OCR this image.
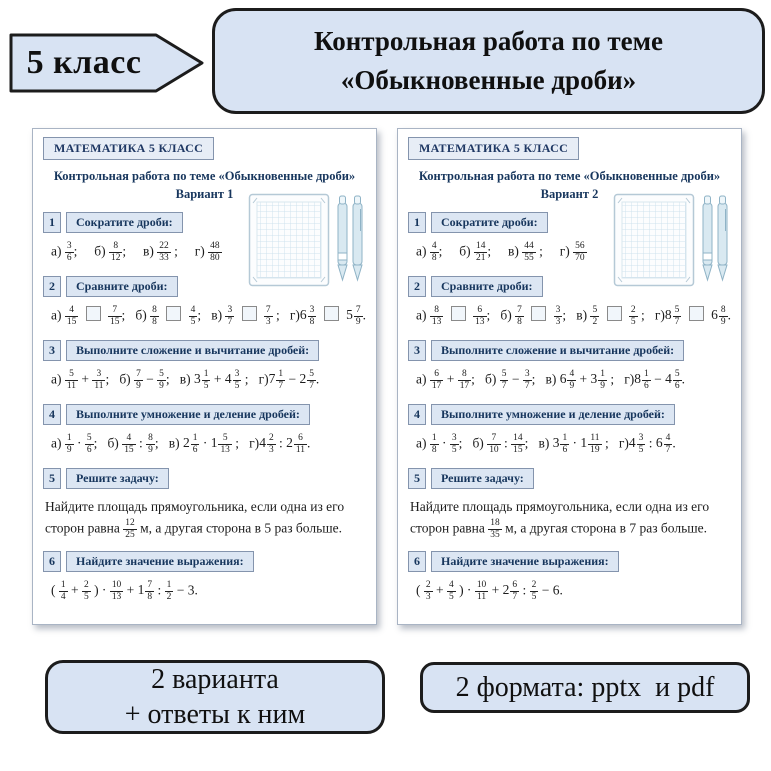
5 класс
Контрольная работа по теме
«Обыкновенные дроби»
МАТЕМАТИКА 5 КЛАСС
Контрольная работа по теме «Обыкновенные дроби»
Вариант 1
1	Сократите дроби:
$а) \frac{3}{6}$ ;     $б) \frac{8}{12}$ ;     $в) \frac{22}{33}$ ;     $г) \frac{48}{80}$
2	Сравните дроби:
$а) \frac{4}{15}$
	$\frac{7}{15}$ ;   $б) \frac{8}{8}$
	$\frac{4}{5}$ ;   $в) \frac{3}{7}$
	$\frac{7}{3}$ ;   $г)6 \frac{3}{8} 5 \frac{7}{9}$ .
3	Выполните сложение и вычитание дробей:
$а) \frac{5}{11} + \frac{3}{11}$ ;   $б) \frac{7}{9} - \frac{5}{9}$ ;   в) $3 \frac{1}{5} + 4 \frac{3}{5}$ ;   $г)7 \frac{1}{7} - 2 \frac{5}{7}$ .
4	Выполните умножение и деление дробей:
$а) \frac{1}{9} \cdot \frac{5}{6}$ ;   $б) \frac{4}{15}$ : $\frac{8}{9}$ ;   в) $2 \frac{1}{6} \cdot 1 \frac{5}{13}$ ;   $г)4 \frac{2}{3}$ : $2 \frac{6}{11}$ .
5	Решите задачу:
Найдите площадь прямоугольника, если одна из его сторон равна $\frac{12}{25} м$, а другая сторона в 5 раз больше.
6	Найдите значение выражения:
( $\frac{1}{4} + \frac{2}{5}$ ) · $\frac{10}{13} + 1 \frac{7}{8}$ : $\frac{1}{2} - 3$.
МАТЕМАТИКА 5 КЛАСС
Контрольная работа по теме «Обыкновенные дроби»
Вариант 2
1	Сократите дроби:
$а) \frac{4}{8}$ ;     $б) \frac{14}{21}$ ;     $в) \frac{44}{55}$ ;     $г) \frac{56}{70}$
2	Сравните дроби:
$а) \frac{8}{13}$
	$\frac{6}{13}$ ;   $б) \frac{7}{8}$
	$\frac{3}{3}$ ;   $в) \frac{5}{2}$
	$\frac{2}{5}$ ;   $г)8 \frac{5}{7} 6 \frac{8}{9}$ .
3	Выполните сложение и вычитание дробей:
$а) \frac{6}{17} + \frac{8}{17}$ ;   $б) \frac{5}{7} - \frac{3}{7}$ ;   в) $6 \frac{4}{9} + 3 \frac{1}{9}$ ;   $г)8 \frac{1}{6} - 4 \frac{5}{6}$ .
4	Выполните умножение и деление дробей:
$а) \frac{1}{8} \cdot \frac{3}{5}$ ;   $б) \frac{7}{10}$ : $\frac{14}{15}$ ;   в) $3 \frac{1}{6} \cdot 1 \frac{11}{19}$ ;   $г)4 \frac{3}{5}$ : $6 \frac{4}{7}$ .
5	Решите задачу:
Найдите площадь прямоугольника, если одна из его сторон равна $\frac{18}{35} м$, а другая сторона в 7 раз больше.
6	Найдите значение выражения:
( $\frac{2}{3} + \frac{4}{5}$ ) · $\frac{10}{11} + 2 \frac{6}{7}$ : $\frac{2}{5} - 6$.
2 варианта
+ ответы к ним
2 формата: pptx  и pdf
